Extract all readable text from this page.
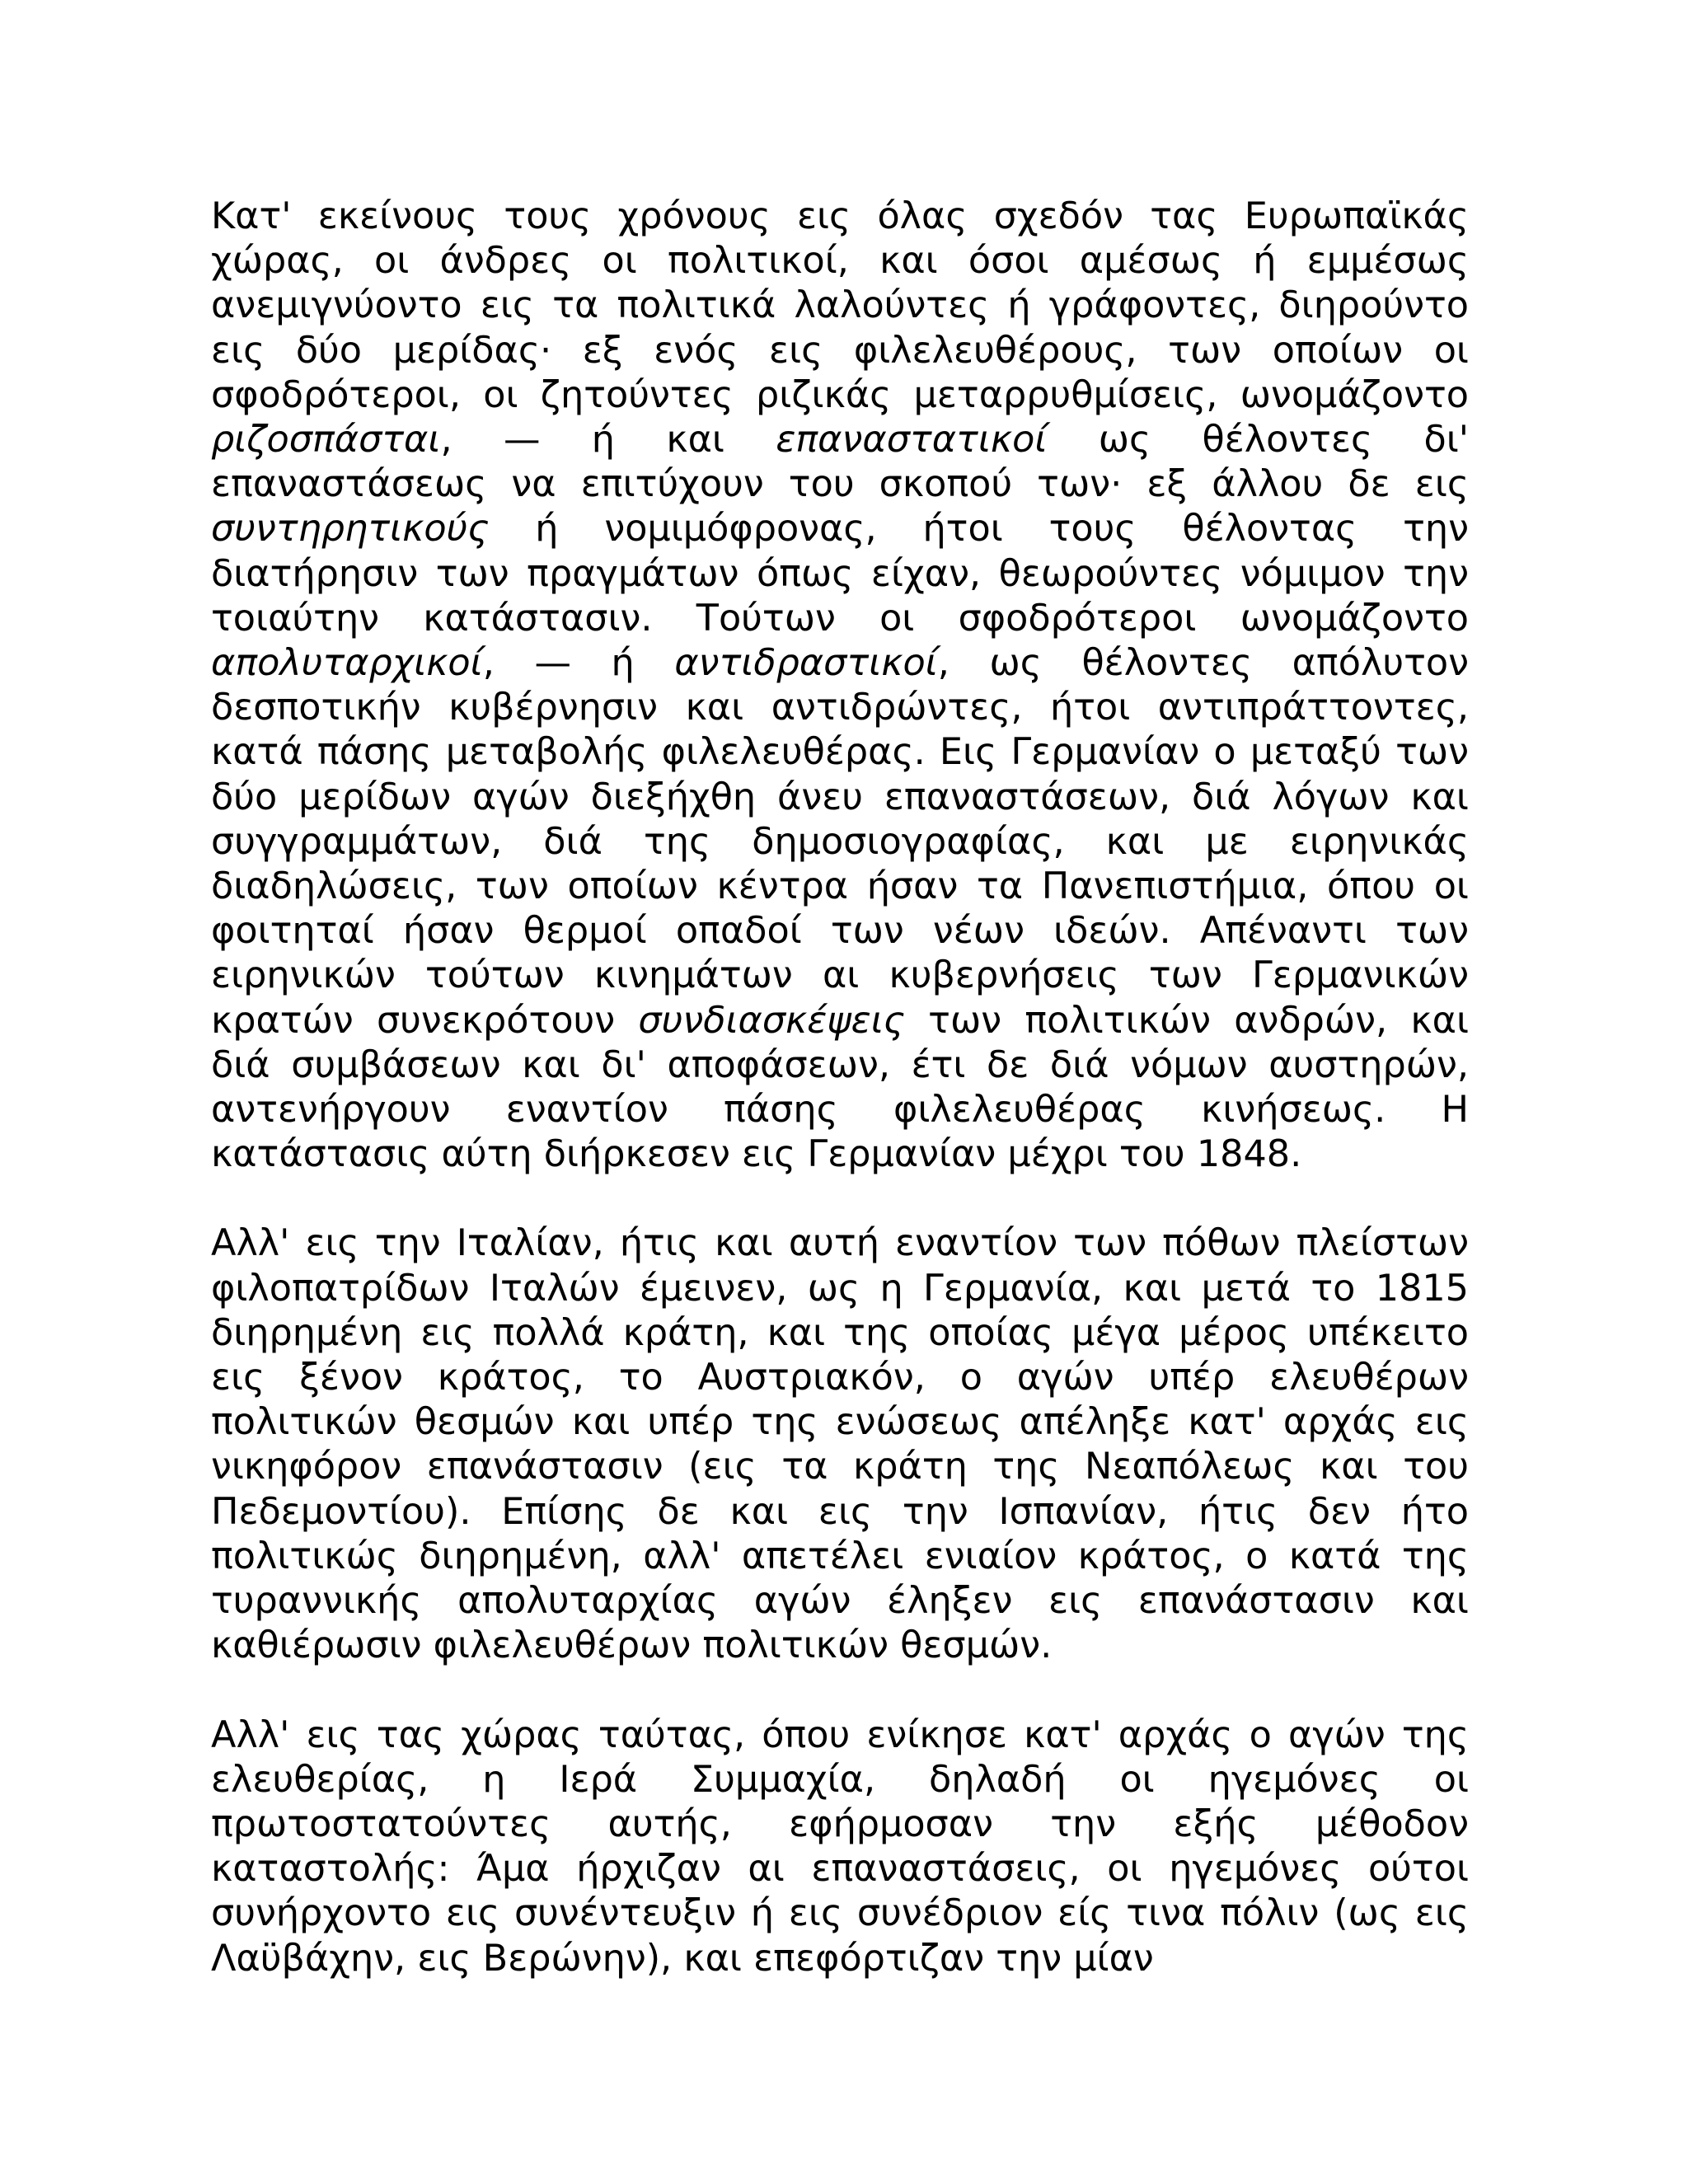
Κατ' εκείνους τους χρόνους εις όλας σχεδόν τας Ευρωπαϊκάς χώρας, οι άνδρες οι πολιτικοί, και όσοι αμέσως ή εμμέσως ανεμιγνύοντο εις τα πολιτικά λαλούντες ή γράφοντες, διηρούντο εις δύο μερίδας· εξ ενός εις φιλελευθέρους, των οποίων οι σφοδρότεροι, οι ζητούντες ριζικάς μεταρρυθμίσεις, ωνομάζοντο ριζοσπάσται, — ή και επαναστατικοί ως θέλοντες δι' επαναστάσεως να επιτύχουν του σκοπού των· εξ άλλου δε εις συντηρητικούς ή νομιμόφρονας, ήτοι τους θέλοντας την διατήρησιν των πραγμάτων όπως είχαν, θεωρούντες νόμιμον την τοιαύτην κατάστασιν. Τούτων οι σφοδρότεροι ωνομάζοντο απολυταρχικοί, — ή αντιδραστικοί, ως θέλοντες απόλυτον δεσποτικήν κυβέρνησιν και αντιδρώντες, ήτοι αντιπράττοντες, κατά πάσης μεταβολής φιλελευθέρας. Εις Γερμανίαν ο μεταξύ των δύο μερίδων αγών διεξήχθη άνευ επαναστάσεων, διά λόγων και συγγραμμάτων, διά της δημοσιογραφίας, και με ειρηνικάς διαδηλώσεις, των οποίων κέντρα ήσαν τα Πανεπιστήμια, όπου οι φοιτηταί ήσαν θερμοί οπαδοί των νέων ιδεών. Απέναντι των ειρηνικών τούτων κινημάτων αι κυβερνήσεις των Γερμανικών κρατών συνεκρότουν συνδιασκέψεις των πολιτικών ανδρών, και διά συμβάσεων και δι' αποφάσεων, έτι δε διά νόμων αυστηρών, αντενήργουν εναντίον πάσης φιλελευθέρας κινήσεως. Η κατάστασις αύτη διήρκεσεν εις Γερμανίαν μέχρι του 1848.

Αλλ' εις την Ιταλίαν, ήτις και αυτή εναντίον των πόθων πλείστων φιλοπατρίδων Ιταλών έμεινεν, ως η Γερμανία, και μετά το 1815 διηρημένη εις πολλά κράτη, και της οποίας μέγα μέρος υπέκειτο εις ξένον κράτος, το Αυστριακόν, ο αγών υπέρ ελευθέρων πολιτικών θεσμών και υπέρ της ενώσεως απέληξε κατ' αρχάς εις νικηφόρον επανάστασιν (εις τα κράτη της Νεαπόλεως και του Πεδεμοντίου). Επίσης δε και εις την Ισπανίαν, ήτις δεν ήτο πολιτικώς διηρημένη, αλλ' απετέλει ενιαίον κράτος, ο κατά της τυραννικής απολυταρχίας αγών έληξεν εις επανάστασιν και καθιέρωσιν φιλελευθέρων πολιτικών θεσμών.

Αλλ' εις τας χώρας ταύτας, όπου ενίκησε κατ' αρχάς ο αγών της ελευθερίας, η Ιερά Συμμαχία, δηλαδή οι ηγεμόνες οι πρωτοστατούντες αυτής, εφήρμοσαν την εξής μέθοδον καταστολής: Άμα ήρχιζαν αι επαναστάσεις, οι ηγεμόνες ούτοι συνήρχοντο εις συνέντευξιν ή εις συνέδριον είς τινα πόλιν (ως εις Λαϋβάχην, εις Βερώνην), και επεφόρτιζαν την μίαν
